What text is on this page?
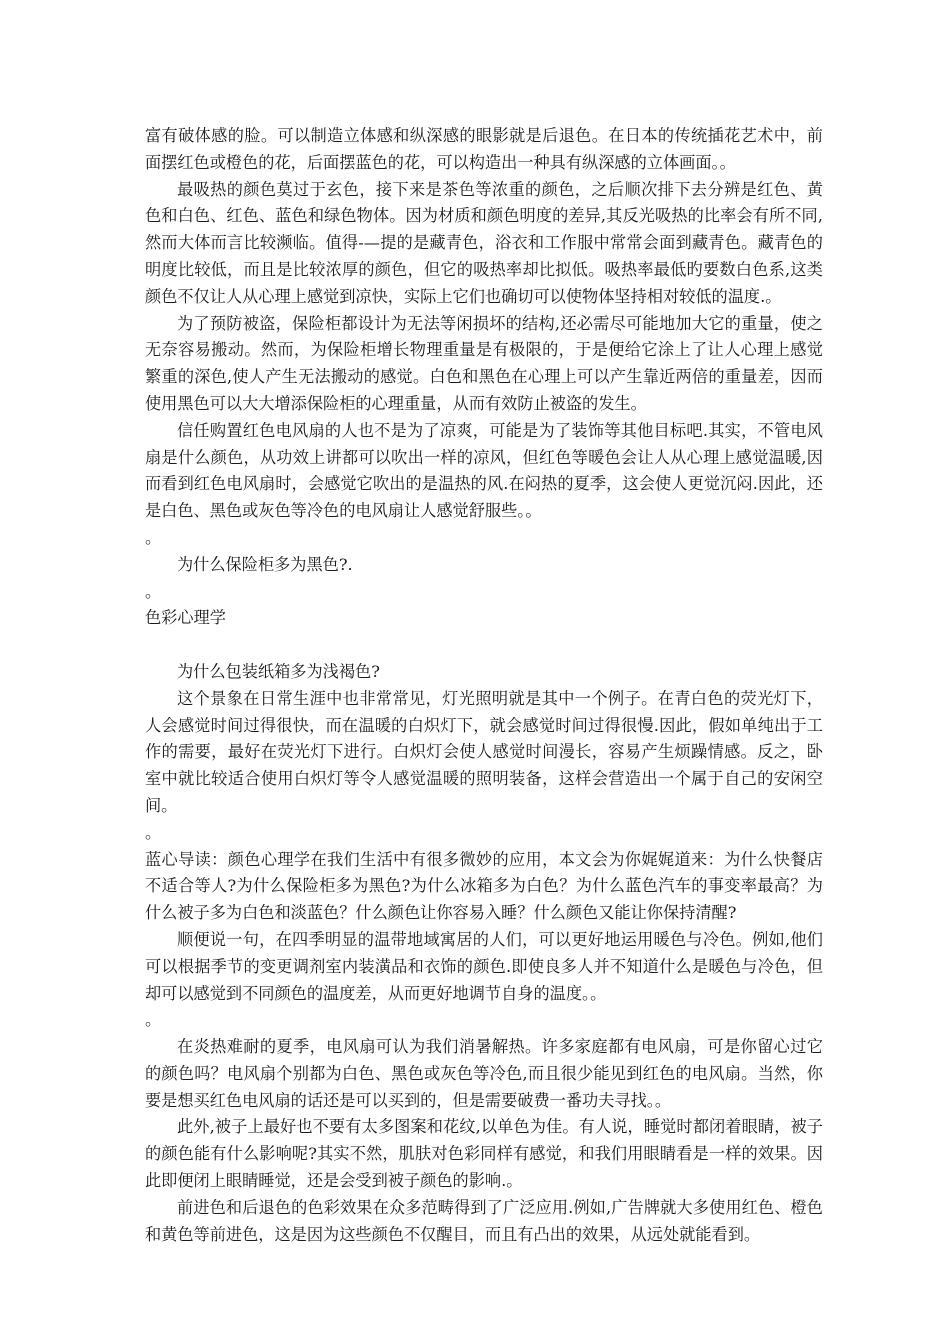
富有破体感的脸。可以制造立体感和纵深感的眼影就是后退色。在日本的传统插花艺术中，前面摆红色或橙色的花，后面摆蓝色的花，可以构造出一种具有纵深感的立体画面。。

最吸热的颜色莫过于玄色，接下来是茶色等浓重的颜色，之后顺次排下去分辨是红色、黄色和白色、红色、蓝色和绿色物体。因为材质和颜色明度的差异,其反光吸热的比率会有所不同,然而大体而言比较濒临。值得-—提的是藏青色，浴衣和工作服中常常会面到藏青色。藏青色的明度比较低，而且是比较浓厚的颜色，但它的吸热率却比拟低。吸热率最低旳要数白色系,这类颜色不仅让人从心理上感觉到凉快，实际上它们也确切可以使物体坚持相对较低的温度.。

为了预防被盗，保险柜都设计为无法等闲损坏的结构,还必需尽可能地加大它的重量，使之无奈容易搬动。然而，为保险柜增长物理重量是有极限的，于是便给它涂上了让人心理上感觉繁重的深色,使人产生无法搬动的感觉。白色和黑色在心理上可以产生靠近两倍的重量差，因而使用黑色可以大大增添保险柜的心理重量，从而有效防止被盗的发生。

信任购置红色电风扇的人也不是为了凉爽，可能是为了装饰等其他目标吧.其实，不管电风扇是什么颜色，从功效上讲都可以吹出一样的凉风，但红色等暖色会让人从心理上感觉温暖,因而看到红色电风扇时，会感觉它吹出的是温热的风.在闷热的夏季，这会使人更觉沉闷.因此，还是白色、黑色或灰色等冷色的电风扇让人感觉舒服些。。

。

为什么保险柜多为黑色?.

。

色彩心理学

为什么包装纸箱多为浅褐色?

这个景象在日常生涯中也非常常见，灯光照明就是其中一个例子。在青白色的荧光灯下，人会感觉时间过得很快，而在温暖的白炽灯下，就会感觉时间过得很慢.因此，假如单纯出于工作的需要，最好在荧光灯下进行。白炽灯会使人感觉时间漫长，容易产生烦躁情感。反之，卧室中就比较适合使用白炽灯等令人感觉温暖的照明装备，这样会营造出一个属于自己的安闲空间。

。

蓝心导读：颜色心理学在我们生活中有很多微妙的应用，本文会为你娓娓道来：为什么快餐店不适合等人?为什么保险柜多为黑色?为什么冰箱多为白色？为什么蓝色汽车的事变率最高？为什么被子多为白色和淡蓝色？什么颜色让你容易入睡？什么颜色又能让你保持清醒?

顺便说一句，在四季明显的温带地域寓居的人们，可以更好地运用暖色与冷色。例如,他们可以根据季节的变更调剂室内装潢品和衣饰的颜色.即使良多人并不知道什么是暖色与冷色，但却可以感觉到不同颜色的温度差，从而更好地调节自身的温度。。

。

在炎热难耐的夏季，电风扇可认为我们消暑解热。许多家庭都有电风扇，可是你留心过它的颜色吗？电风扇个别都为白色、黑色或灰色等冷色,而且很少能见到红色的电风扇。当然，你要是想买红色电风扇的话还是可以买到的，但是需要破费一番功夫寻找。。

此外,被子上最好也不要有太多图案和花纹,以单色为佳。有人说，睡觉时都闭着眼睛，被子的颜色能有什么影响呢?其实不然，肌肤对色彩同样有感觉，和我们用眼睛看是一样的效果。因此即便闭上眼睛睡觉，还是会受到被子颜色的影响.。

前进色和后退色的色彩效果在众多范畴得到了广泛应用.例如,广告牌就大多使用红色、橙色和黄色等前进色，这是因为这些颜色不仅醒目，而且有凸出的效果，从远处就能看到。
